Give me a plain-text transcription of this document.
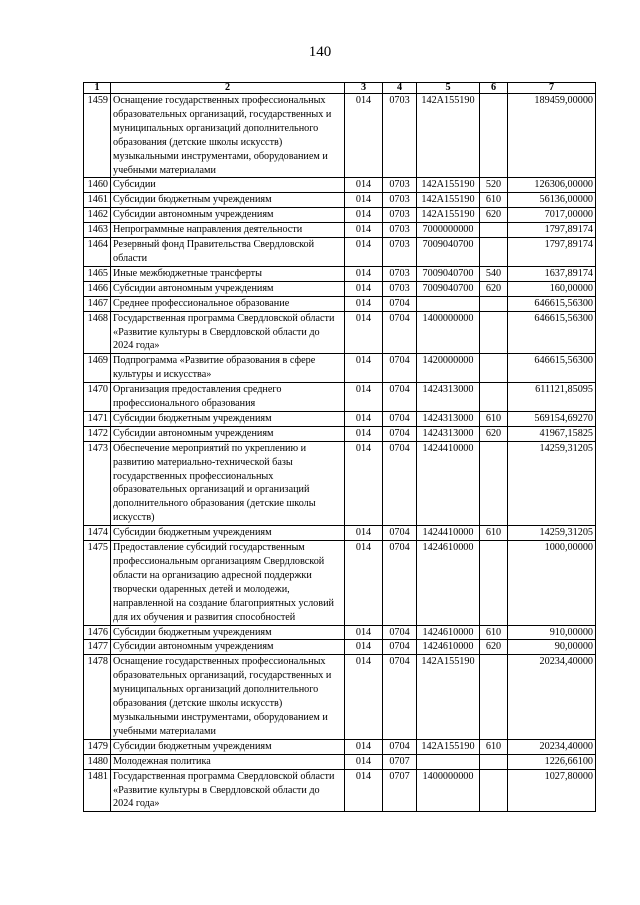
140
1	2	3	4	5	6	7
1459	Оснащение государственных профессиональных образовательных организаций, государственных и муниципальных организаций дополнительного образования (детские школы искусств) музыкальными инструментами, оборудованием и учебными материалами	014	0703	142A155190		189459,00000
1460	Субсидии	014	0703	142A155190	520	126306,00000
1461	Субсидии бюджетным учреждениям	014	0703	142A155190	610	56136,00000
1462	Субсидии автономным учреждениям	014	0703	142A155190	620	7017,00000
1463	Непрограммные направления деятельности	014	0703	7000000000		1797,89174
1464	Резервный фонд Правительства Свердловской области	014	0703	7009040700		1797,89174
1465	Иные межбюджетные трансферты	014	0703	7009040700	540	1637,89174
1466	Субсидии автономным учреждениям	014	0703	7009040700	620	160,00000
1467	Среднее профессиональное образование	014	0704			646615,56300
1468	Государственная программа Свердловской области «Развитие культуры в Свердловской области до 2024 года»	014	0704	1400000000		646615,56300
1469	Подпрограмма «Развитие образования в сфере культуры и искусства»	014	0704	1420000000		646615,56300
1470	Организация предоставления среднего профессионального образования	014	0704	1424313000		611121,85095
1471	Субсидии бюджетным учреждениям	014	0704	1424313000	610	569154,69270
1472	Субсидии автономным учреждениям	014	0704	1424313000	620	41967,15825
1473	Обеспечение мероприятий по укреплению и развитию материально-технической базы государственных профессиональных образовательных организаций и организаций дополнительного образования (детские школы искусств)	014	0704	1424410000		14259,31205
1474	Субсидии бюджетным учреждениям	014	0704	1424410000	610	14259,31205
1475	Предоставление субсидий государственным профессиональным организациям Свердловской области на организацию адресной поддержки творчески одаренных детей и молодежи, направленной на создание благоприятных условий для их обучения и развития способностей	014	0704	1424610000		1000,00000
1476	Субсидии бюджетным учреждениям	014	0704	1424610000	610	910,00000
1477	Субсидии автономным учреждениям	014	0704	1424610000	620	90,00000
1478	Оснащение государственных профессиональных образовательных организаций, государственных и муниципальных организаций дополнительного образования (детские школы искусств) музыкальными инструментами, оборудованием и учебными материалами	014	0704	142A155190		20234,40000
1479	Субсидии бюджетным учреждениям	014	0704	142A155190	610	20234,40000
1480	Молодежная политика	014	0707			1226,66100
1481	Государственная программа Свердловской области «Развитие культуры в Свердловской области до 2024 года»	014	0707	1400000000		1027,80000
